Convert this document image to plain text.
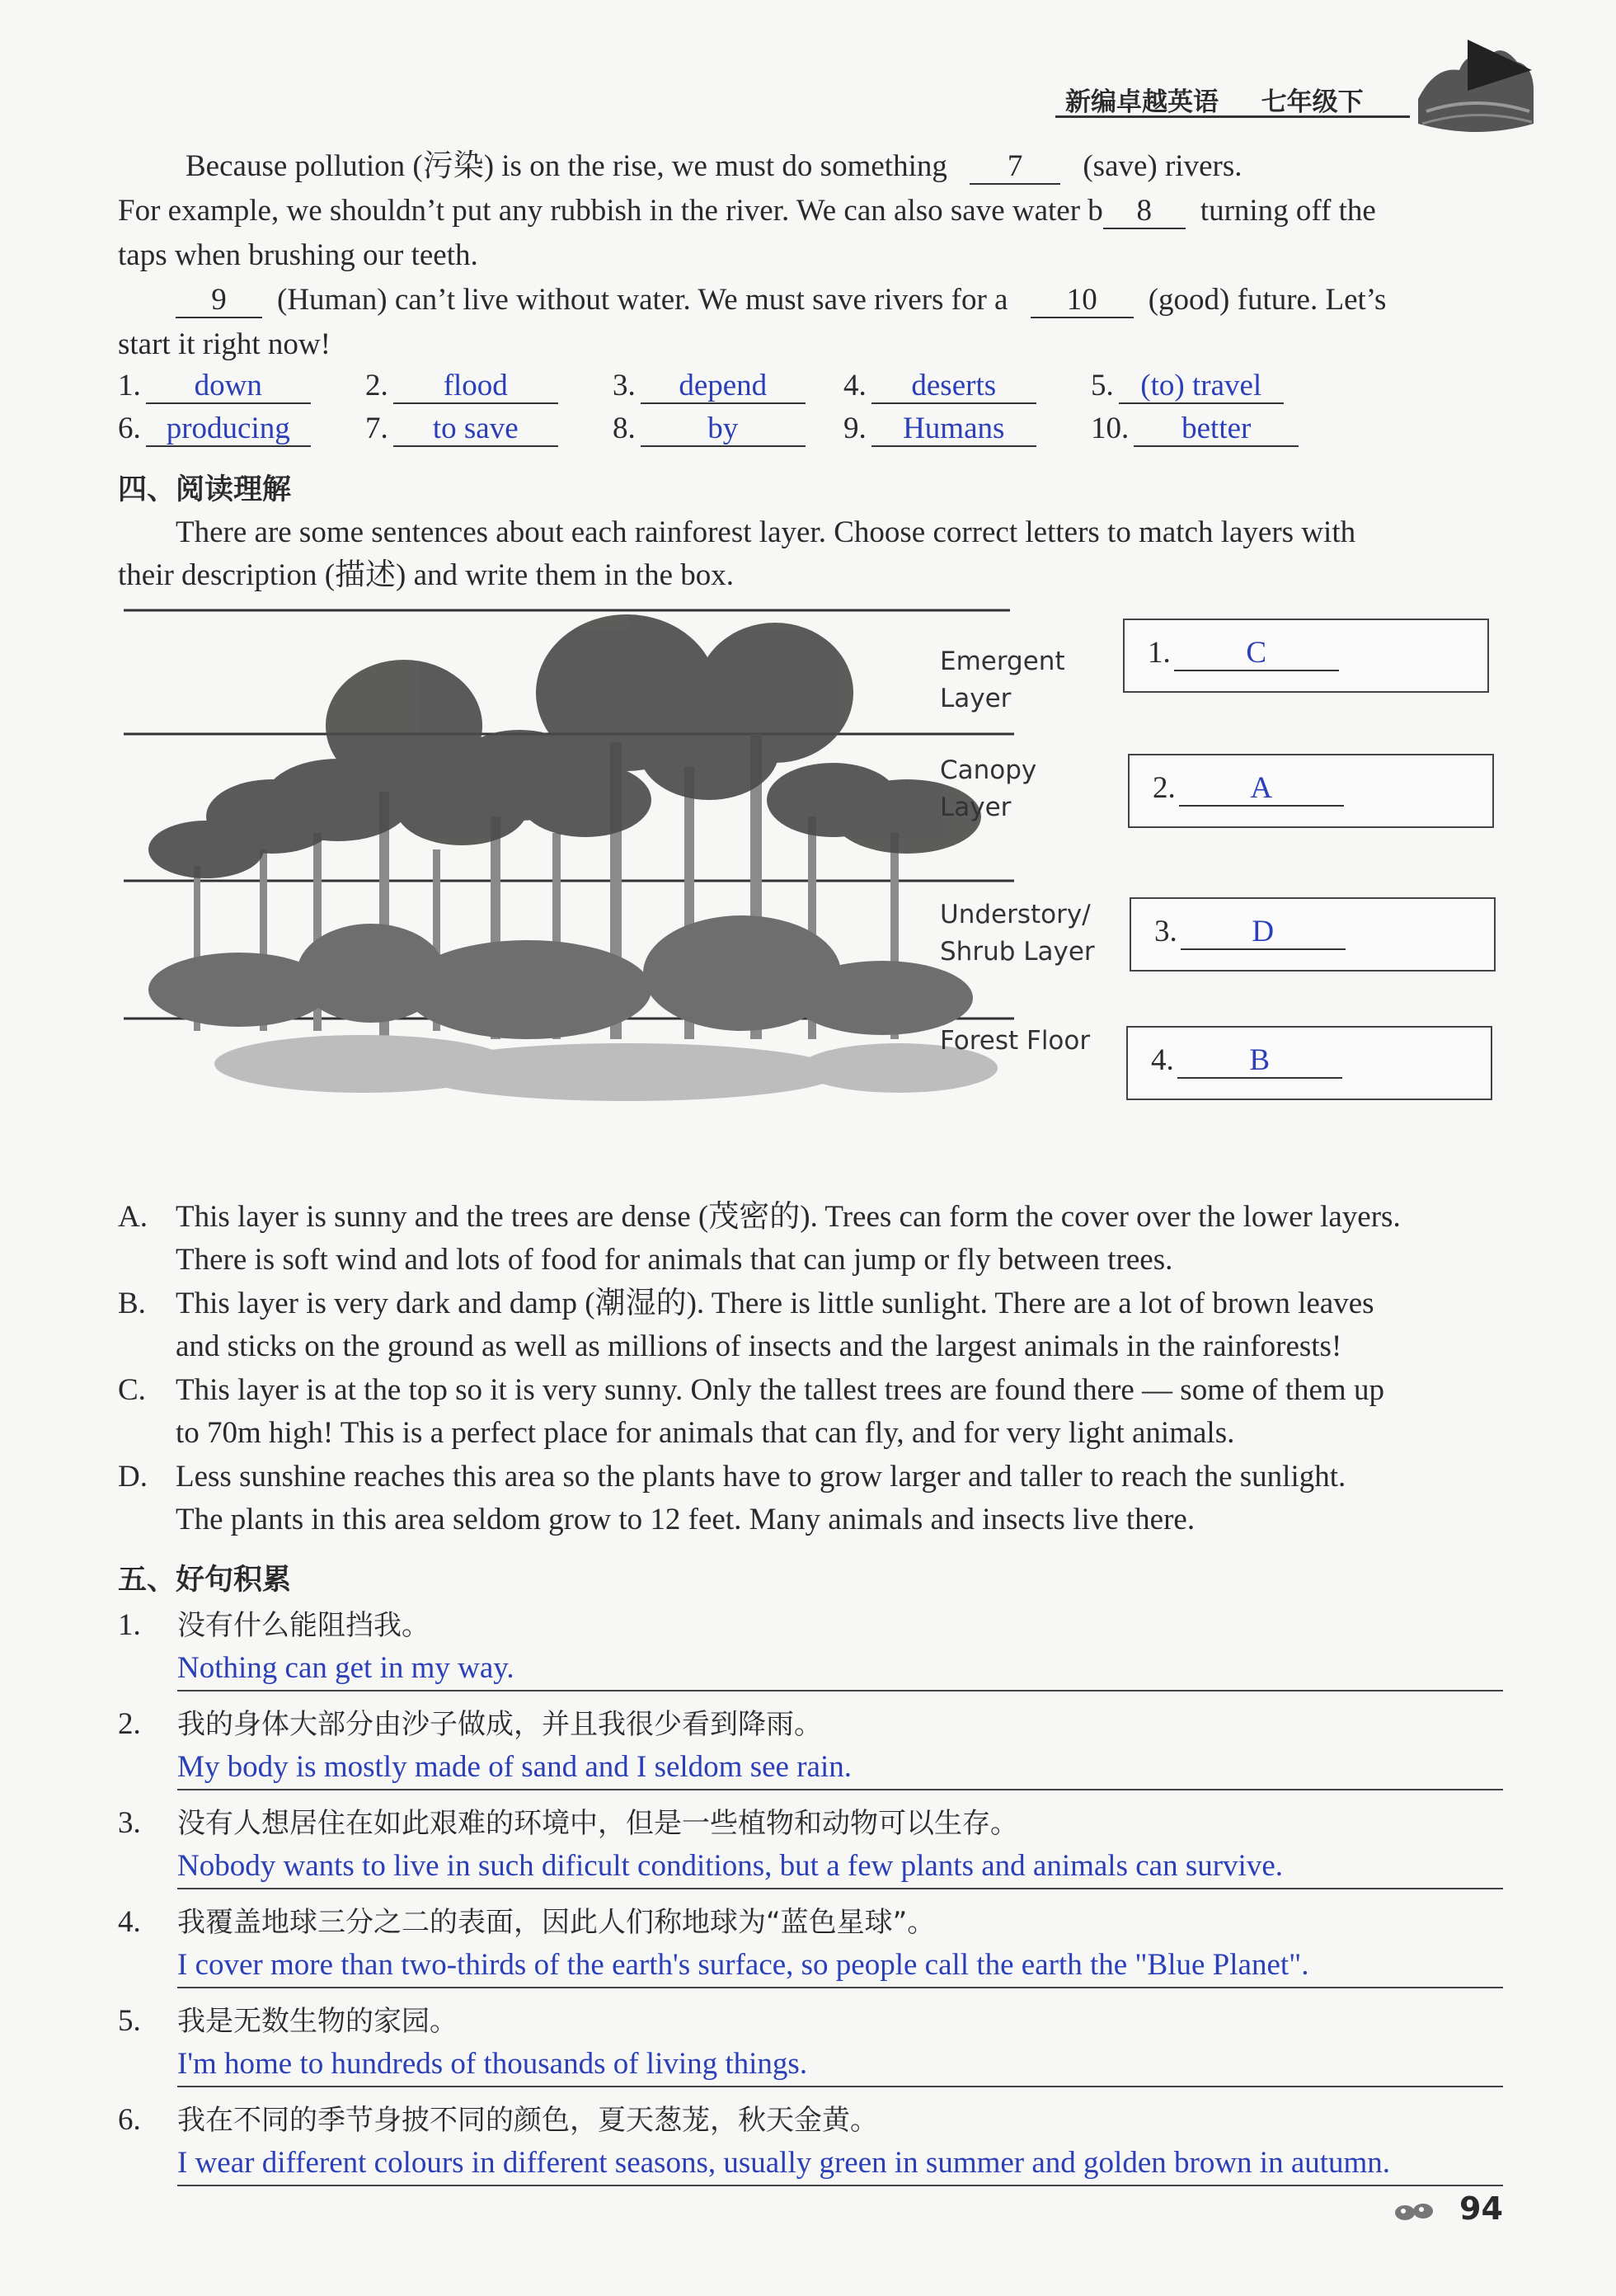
新编卓越英语 七年级下
Because pollution (污染) is on the rise, we must do something 7 (save) rivers.
For example, we shouldn’t put any rubbish in the river. We can also save water b 8 turning off the
taps when brushing our teeth.
9 (Human) can’t live without water. We must save rivers for a 10 (good) future. Let’s
start it right now!
1. down	2. flood	3. depend	4. deserts	5. (to) travel
6. producing	7. to save	8. by	9. Humans	10. better
四、阅读理解
There are some sentences about each rainforest layer. Choose correct letters to match layers with
their description (描述) and write them in the box.
Emergent
Layer
Canopy
Layer
Understory/
Shrub Layer
Forest Floor
1. C
2. A
3. D
4. B
A. This layer is sunny and the trees are dense (茂密的). Trees can form the cover over the lower layers.
There is soft wind and lots of food for animals that can jump or fly between trees.
B. This layer is very dark and damp (潮湿的). There is little sunlight. There are a lot of brown leaves
and sticks on the ground as well as millions of insects and the largest animals in the rainforests!
C. This layer is at the top so it is very sunny. Only the tallest trees are found there — some of them up
to 70m high! This is a perfect place for animals that can fly, and for very light animals.
D. Less sunshine reaches this area so the plants have to grow larger and taller to reach the sunlight.
The plants in this area seldom grow to 12 feet. Many animals and insects live there.
五、好句积累
1. 没有什么能阻挡我。
Nothing can get in my way.
2. 我的身体大部分由沙子做成，并且我很少看到降雨。
My body is mostly made of sand and I seldom see rain.
3. 没有人想居住在如此艰难的环境中，但是一些植物和动物可以生存。
Nobody wants to live in such dificult conditions, but a few plants and animals can survive.
4. 我覆盖地球三分之二的表面，因此人们称地球为“蓝色星球”。
I cover more than two-thirds of the earth's surface, so people call the earth the "Blue Planet".
5. 我是无数生物的家园。
I'm home to hundreds of thousands of living things.
6. 我在不同的季节身披不同的颜色，夏天葱茏，秋天金黄。
I wear different colours in different seasons, usually green in summer and golden brown in autumn.
94
